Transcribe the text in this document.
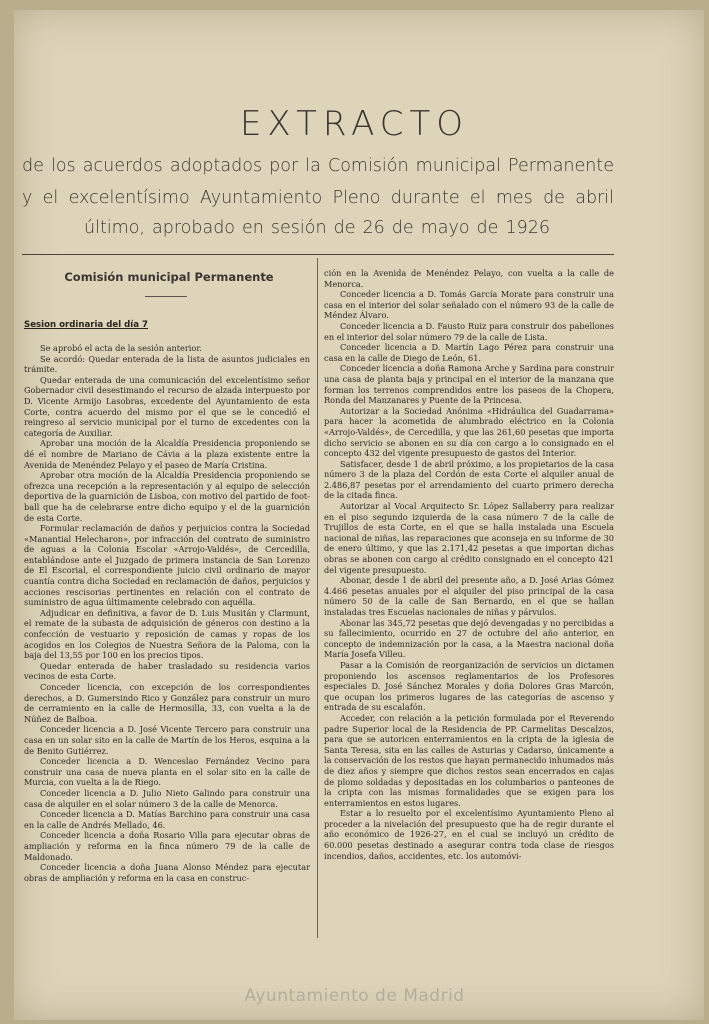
EXTRACTO
de los acuerdos adoptados por la Comisión municipal Permanente
y el excelentísimo Ayuntamiento Pleno durante el mes de abril
último, aprobado en sesión de 26 de mayo de 1926
Comisión municipal Permanente
Sesion ordinaria del día 7

Se aprobó el acta de la sesión anterior.

Se acordó: Quedar enterada de la lista de asuntos judiciales en trámite.

Quedar enterada de una comunicación del excelentísimo señor Gobernador civil desestimando el recurso de alzada interpuesto por D. Vicente Armijo Lasobras, excedente del Ayuntamiento de esta Corte, contra acuerdo del mismo por el que se le concedió el reingreso al servicio municipal por el turno de excedentes con la categoría de Auxiliar.

Aprobar una moción de la Alcaldía Presidencia proponiendo se dé el nombre de Mariano de Cávia a la plaza existente entre la Avenida de Menéndez Pelayo y el paseo de María Cristina.

Aprobar otra moción de la Alcaldía Presidencia proponiendo se ofrezca una recepción a la representación y al equipo de selección deportiva de la guarnición de Lisboa, con motivo del partido de foot-ball que ha de celebrarse entre dicho equipo y el de la guarnición de esta Corte.

Formular reclamación de daños y perjuicios contra la Sociedad «Manantial Helecharon», por infracción del contrato de suministro de aguas a la Colonia Escolar «Arrojo-Valdés», de Cercedilla, entablándose ante el Juzgado de primera instancia de San Lorenzo de El Escorial, el correspondiente juicio civil ordinario de mayor cuantía contra dicha Sociedad en reclamación de daños, perjuicios y acciones rescisorias pertinentes en relación con el contrato de suministro de agua últimamente celebrado con aquélla.

Adjudicar en definitiva, a favor de D. Luis Musitán y Clarmunt, el remate de la subasta de adquisición de géneros con destino a la confección de vestuario y reposición de camas y ropas de los acogidos en los Colegios de Nuestra Señora de la Paloma, con la baja del 13,55 por 100 en los precios tipos.

Quedar enterada de haber trasladado su residencia varios vecinos de esta Corte.

Conceder licencia, con excepción de los correspondientes derechos, a D. Gumersindo Rico y González para construir un muro de cerramiento en la calle de Hermosilla, 33, con vuelta a la de Núñez de Balboa.

Conceder licencia a D. José Vicente Tercero para construir una casa en un solar sito en la calle de Martín de los Heros, esquina a la de Benito Gutiérrez.

Conceder licencia a D. Wenceslao Fernández Vecino para construir una casa de nueva planta en el solar sito en la calle de Murcia, con vuelta a la de Riego.

Conceder licencia a D. Julio Nieto Galindo para construir una casa de alquiler en el solar número 3 de la calle de Menorca.

Conceder licencia a D. Matías Barchino para construir una casa en la calle de Andrés Mellado, 46.

Conceder licencia a doña Rosario Villa para ejecutar obras de ampliación y reforma en la finca número 79 de la calle de Maldonado.

Conceder licencia a doña Juana Alonso Méndez para ejecutar obras de ampliación y reforma en la casa en construc-

ción en la Avenida de Menéndez Pelayo, con vuelta a la calle de Menorca.

Conceder licencia a D. Tomás García Morate para construir una casa en el interior del solar señalado con el número 93 de la calle de Méndez Álvaro.

Conceder licencia a D. Fausto Ruiz para construir dos pabellones en el interior del solar número 79 de la calle de Lista.

Conceder licencia a D. Martín Lago Pérez para construir una casa en la calle de Diego de León, 61.

Conceder licencia a doña Ramona Arche y Sardina para construir una casa de planta baja y principal en el interior de la manzana que forman los terrenos comprendidos entre los paseos de la Chopera, Ronda del Manzanares y Puente de la Princesa.

Autorizar a la Sociedad Anónima «Hidráulica del Guadarrama» para hacer la acometida de alumbrado eléctrico en la Colonia «Arrojo-Valdés», de Cercedilla, y que las 261,60 pesetas que importa dicho servicio se abonen en su día con cargo a lo consignado en el concepto 432 del vigente presupuesto de gastos del Interior.

Satisfacer, desde 1 de abril próximo, a los propietarios de la casa número 3 de la plaza del Cordón de esta Corte el alquiler anual de 2.486,87 pesetas por el arrendamiento del cuarto primero derecha de la citada finca.

Autorizar al Vocal Arquitecto Sr. López Sallaberry para realizar en el piso segundo izquierda de la casa número 7 de la calle de Trujillos de esta Corte, en el que se halla instalada una Escuela nacional de niñas, las reparaciones que aconseja en su informe de 30 de enero último, y que las 2.171,42 pesetas a que importan dichas obras se abonen con cargo al crédito consignado en el concepto 421 del vigente presupuesto.

Abonar, desde 1 de abril del presente año, a D. José Arias Gómez 4.466 pesetas anuales por el alquiler del piso principal de la casa número 50 de la calle de San Bernardo, en el que se hallan instaladas tres Escuelas nacionales de niñas y párvulos.

Abonar las 345,72 pesetas que dejó devengadas y no percibidas a su fallecimiento, ocurrido en 27 de octubre del año anterior, en concepto de indemnización por la casa, a la Maestra nacional doña María Josefa Villeu.

Pasar a la Comisión de reorganización de servicios un dictamen proponiendo los ascensos reglamentarios de los Profesores especiales D. José Sánchez Morales y doña Dolores Gras Marcón, que ocupan los primeros lugares de las categorías de ascenso y entrada de su escalafón.

Acceder, con relación a la petición formulada por el Reverendo padre Superior local de la Residencia de PP. Carmelitas Descalzos, para que se autoricen enterramientos en la cripta de la iglesia de Santa Teresa, sita en las calles de Asturias y Cadarso, únicamente a la conservación de los restos que hayan permanecido inhumados más de diez años y siempre que dichos restos sean encerrados en cajas de plomo soldadas y depositadas en los columbarios o panteones de la cripta con las mismas formalidades que se exigen para los enterramientos en estos lugares.

Estar a lo resuelto por el excelentísimo Ayuntamiento Pleno al proceder a la nivelación del presupuesto que ha de regir durante el año económico de 1926-27, en el cual se incluyó un crédito de 60.000 pesetas destinado a asegurar contra toda clase de riesgos incendios, daños, accidentes, etc. los automóvi-

Ayuntamiento de Madrid
